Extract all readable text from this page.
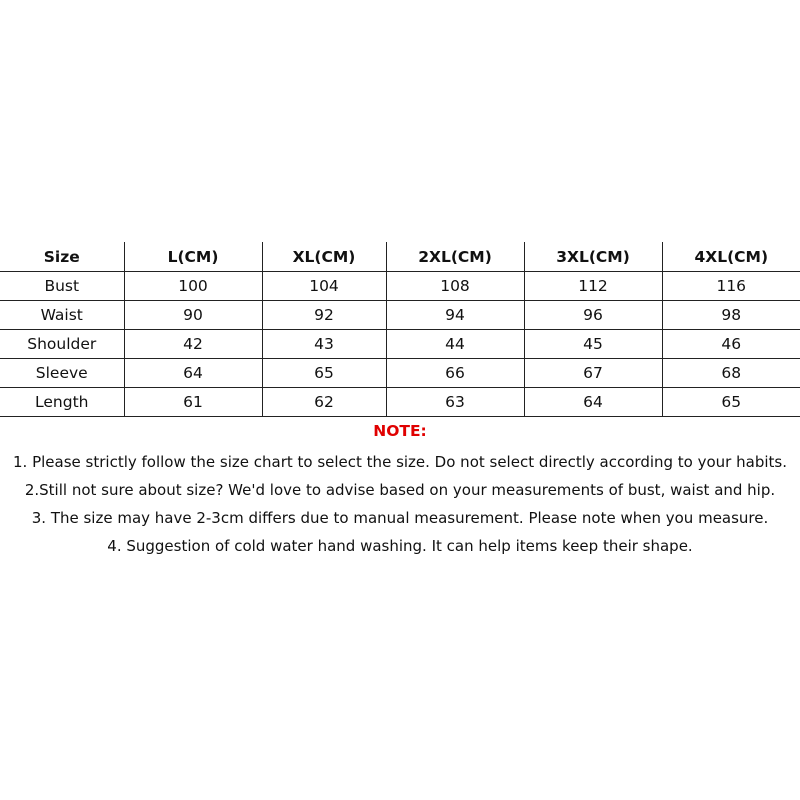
Size	L(CM)	XL(CM)	2XL(CM)	3XL(CM)	4XL(CM)
Bust	100	104	108	112	116
Waist	90	92	94	96	98
Shoulder	42	43	44	45	46
Sleeve	64	65	66	67	68
Length	61	62	63	64	65
NOTE:
1. Please strictly follow the size chart to select the size. Do not select directly according to your habits.
2.Still not sure about size? We'd love to advise based on your measurements of bust, waist and hip.
3. The size may have 2-3cm differs due to manual measurement. Please note when you measure.
4. Suggestion of cold water hand washing. It can help items keep their shape.
